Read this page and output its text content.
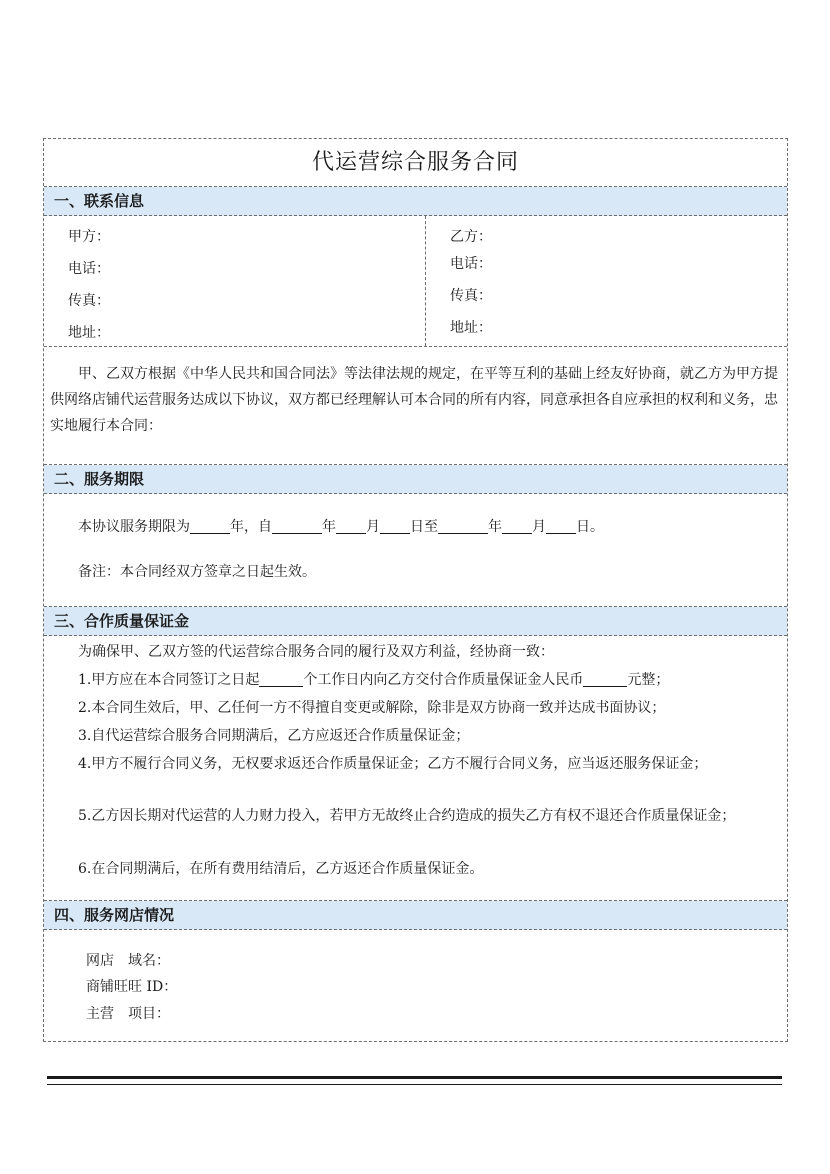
代运营综合服务合同
一、联系信息
甲方：
电话：
传真：
地址：
乙方：
电话：
传真：
地址：

甲、乙双方根据《中华人民共和国合同法》等法律法规的规定，在平等互利的基础上经友好协商，就乙方为甲方提供网络店铺代运营服务达成以下协议，双方都已经理解认可本合同的所有内容，同意承担各自应承担的权利和义务，忠实地履行本合同：

二、服务期限
本协议服务期限为	年，自	年 月 日至	年 月 日。
备注：本合同经双方签章之日起生效。
三、合作质量保证金

为确保甲、乙双方签的代运营综合服务合同的履行及双方利益，经协商一致：

1.甲方应在本合同签订之日起	个工作日内向乙方交付合作质量保证金人民币	元整；

2.本合同生效后，甲、乙任何一方不得擅自变更或解除，除非是双方协商一致并达成书面协议；

3.自代运营综合服务合同期满后，乙方应返还合作质量保证金；

4.甲方不履行合同义务，无权要求返还合作质量保证金；乙方不履行合同义务，应当返还服务保证金；

5.乙方因长期对代运营的人力财力投入，若甲方无故终止合约造成的损失乙方有权不退还合作质量保证金；

6.在合同期满后，在所有费用结清后，乙方返还合作质量保证金。

四、服务网店情况
网店　域名：
商铺旺旺 ID：
主营　项目：
